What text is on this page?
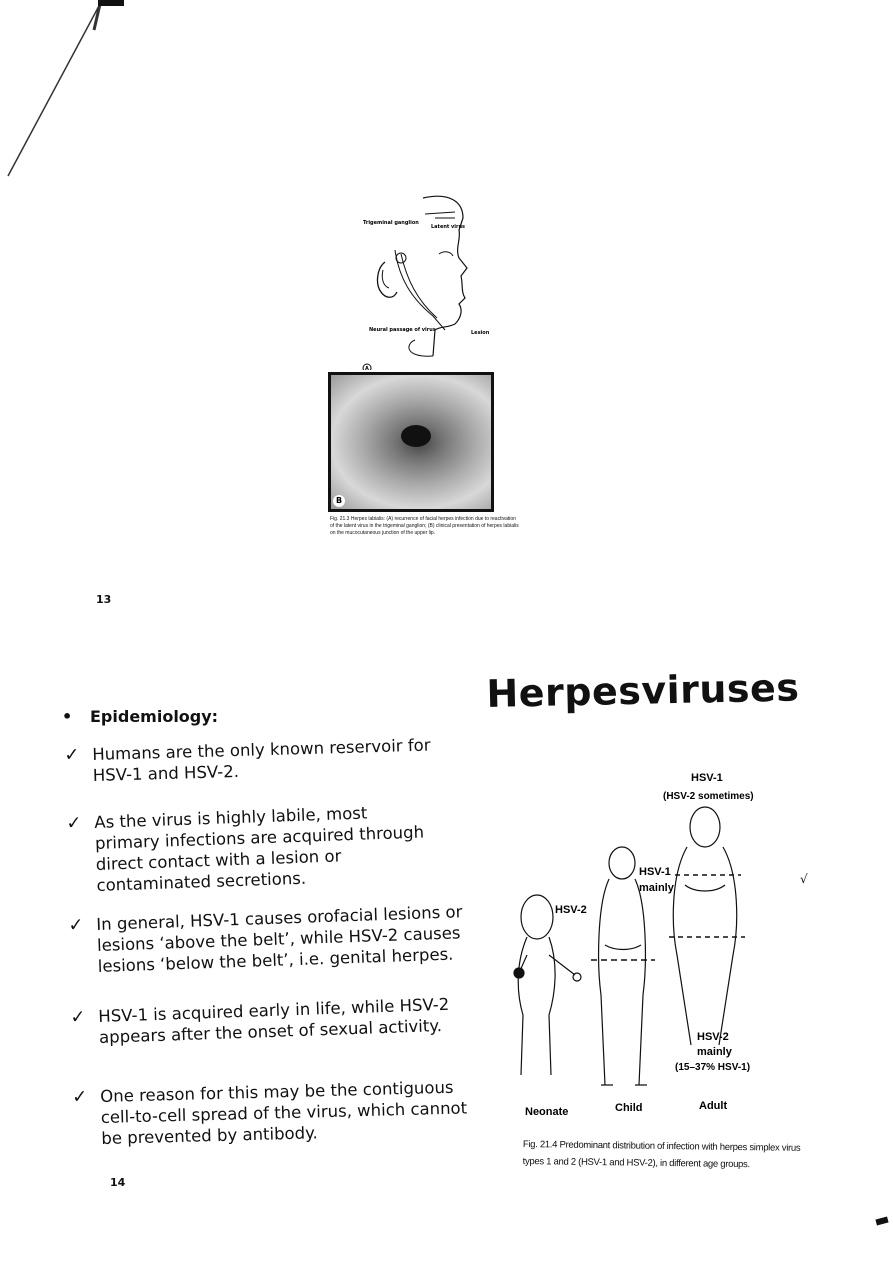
Trigeminal ganglion
Latent virus
Neural passage of virus	Lesion
A
B
Fig. 21.3 Herpes labialis: (A) recurrence of facial herpes infection due to reactivation of the latent virus in the trigeminal ganglion; (B) clinical presentation of herpes labialis on the mucocutaneous junction of the upper lip.
13
Herpesviruses
• Epidemiology:
✓ Humans are the only known reservoir for HSV-1 and HSV-2.
✓ As the virus is highly labile, most primary infections are acquired through direct contact with a lesion or contaminated secretions.
✓ In general, HSV-1 causes orofacial lesions or lesions ‘above the belt’, while HSV-2 causes lesions ‘below the belt’, i.e. genital herpes.
✓ HSV-1 is acquired early in life, while HSV-2 appears after the onset of sexual activity.
✓ One reason for this may be the contiguous cell-to-cell spread of the virus, which cannot be prevented by antibody.
14
HSV-1
(HSV-2 sometimes)
HSV-1
mainly
HSV-2
HSV-2
mainly
(15–37% HSV-1)
Neonate	Child	Adult
Fig. 21.4 Predominant distribution of infection with herpes simplex virus types 1 and 2 (HSV-1 and HSV-2), in different age groups.
√
